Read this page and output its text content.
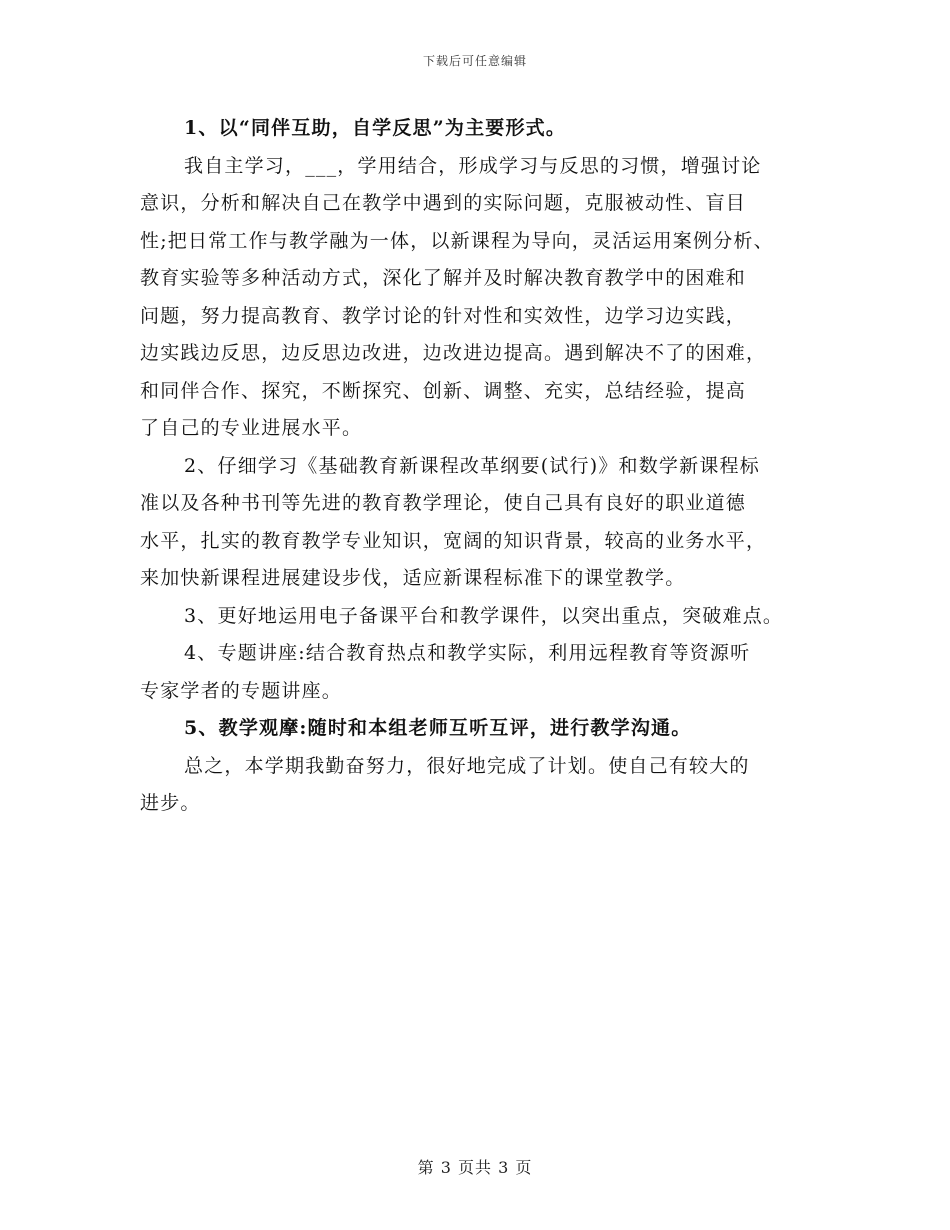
下载后可任意编辑
1、以“同伴互助，自学反思”为主要形式。
我自主学习，___，学用结合，形成学习与反思的习惯，增强讨论
意识，分析和解决自己在教学中遇到的实际问题，克服被动性、盲目
性;把日常工作与教学融为一体，以新课程为导向，灵活运用案例分析、
教育实验等多种活动方式，深化了解并及时解决教育教学中的困难和
问题，努力提高教育、教学讨论的针对性和实效性，边学习边实践，
边实践边反思，边反思边改进，边改进边提高。遇到解决不了的困难，
和同伴合作、探究，不断探究、创新、调整、充实，总结经验，提高
了自己的专业进展水平。
2、仔细学习《基础教育新课程改革纲要(试行)》和数学新课程标
准以及各种书刊等先进的教育教学理论，使自己具有良好的职业道德
水平，扎实的教育教学专业知识，宽阔的知识背景，较高的业务水平，
来加快新课程进展建设步伐，适应新课程标准下的课堂教学。
3、更好地运用电子备课平台和教学课件，以突出重点，突破难点。
4、专题讲座:结合教育热点和教学实际，利用远程教育等资源听
专家学者的专题讲座。
5、教学观摩:随时和本组老师互听互评，进行教学沟通。
总之，本学期我勤奋努力，很好地完成了计划。使自己有较大的
进步。
第 3 页共 3 页
